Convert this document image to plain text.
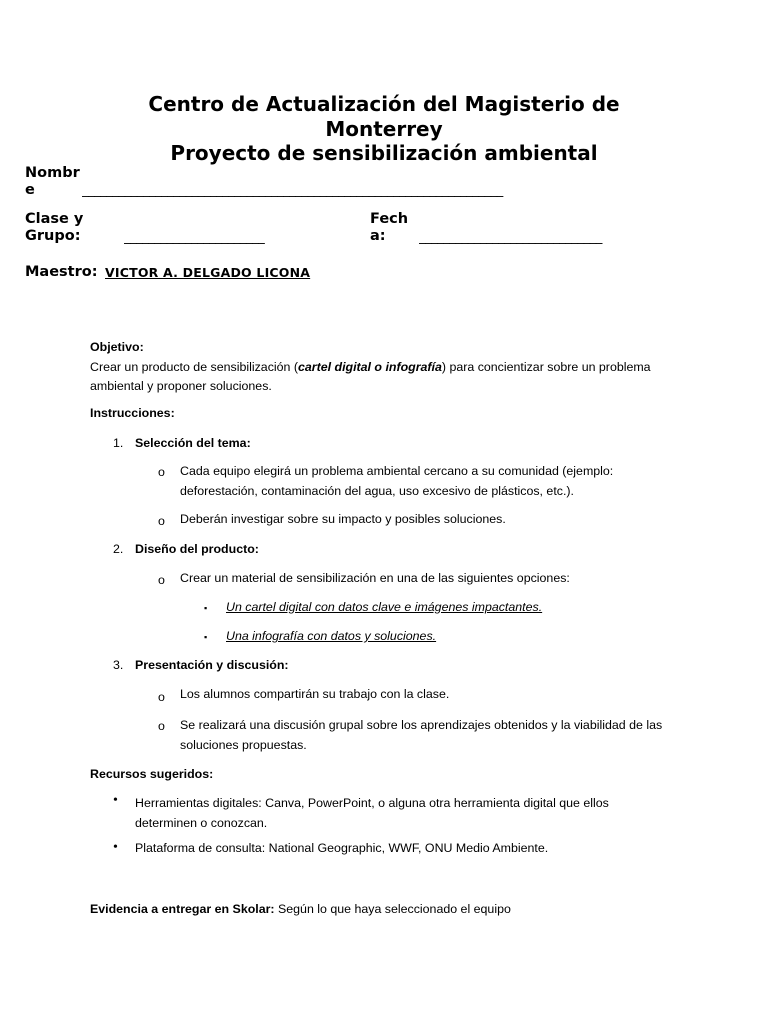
Centro de Actualización del Magisterio de
Monterrey
Proyecto de sensibilización ambiental
Nombr
e	_____________________________________________________________________
Clase y
Grupo:	_______________________
Fech
a:	______________________________
Maestro: VICTOR A. DELGADO LICONA
Objetivo:
Crear un producto de sensibilización (cartel digital o infografía) para concientizar sobre un problema
ambiental y proponer soluciones.
Instrucciones:
1. Selección del tema:
o Cada equipo elegirá un problema ambiental cercano a su comunidad (ejemplo:
deforestación, contaminación del agua, uso excesivo de plásticos, etc.).
o Deberán investigar sobre su impacto y posibles soluciones.
2. Diseño del producto:
o Crear un material de sensibilización en una de las siguientes opciones:
▪ Un cartel digital con datos clave e imágenes impactantes.
▪ Una infografía con datos y soluciones.
3. Presentación y discusión:
o Los alumnos compartirán su trabajo con la clase.
o Se realizará una discusión grupal sobre los aprendizajes obtenidos y la viabilidad de las
soluciones propuestas.
Recursos sugeridos:
• Herramientas digitales: Canva, PowerPoint, o alguna otra herramienta digital que ellos
determinen o conozcan.
• Plataforma de consulta: National Geographic, WWF, ONU Medio Ambiente.
Evidencia a entregar en Skolar: Según lo que haya seleccionado el equipo
